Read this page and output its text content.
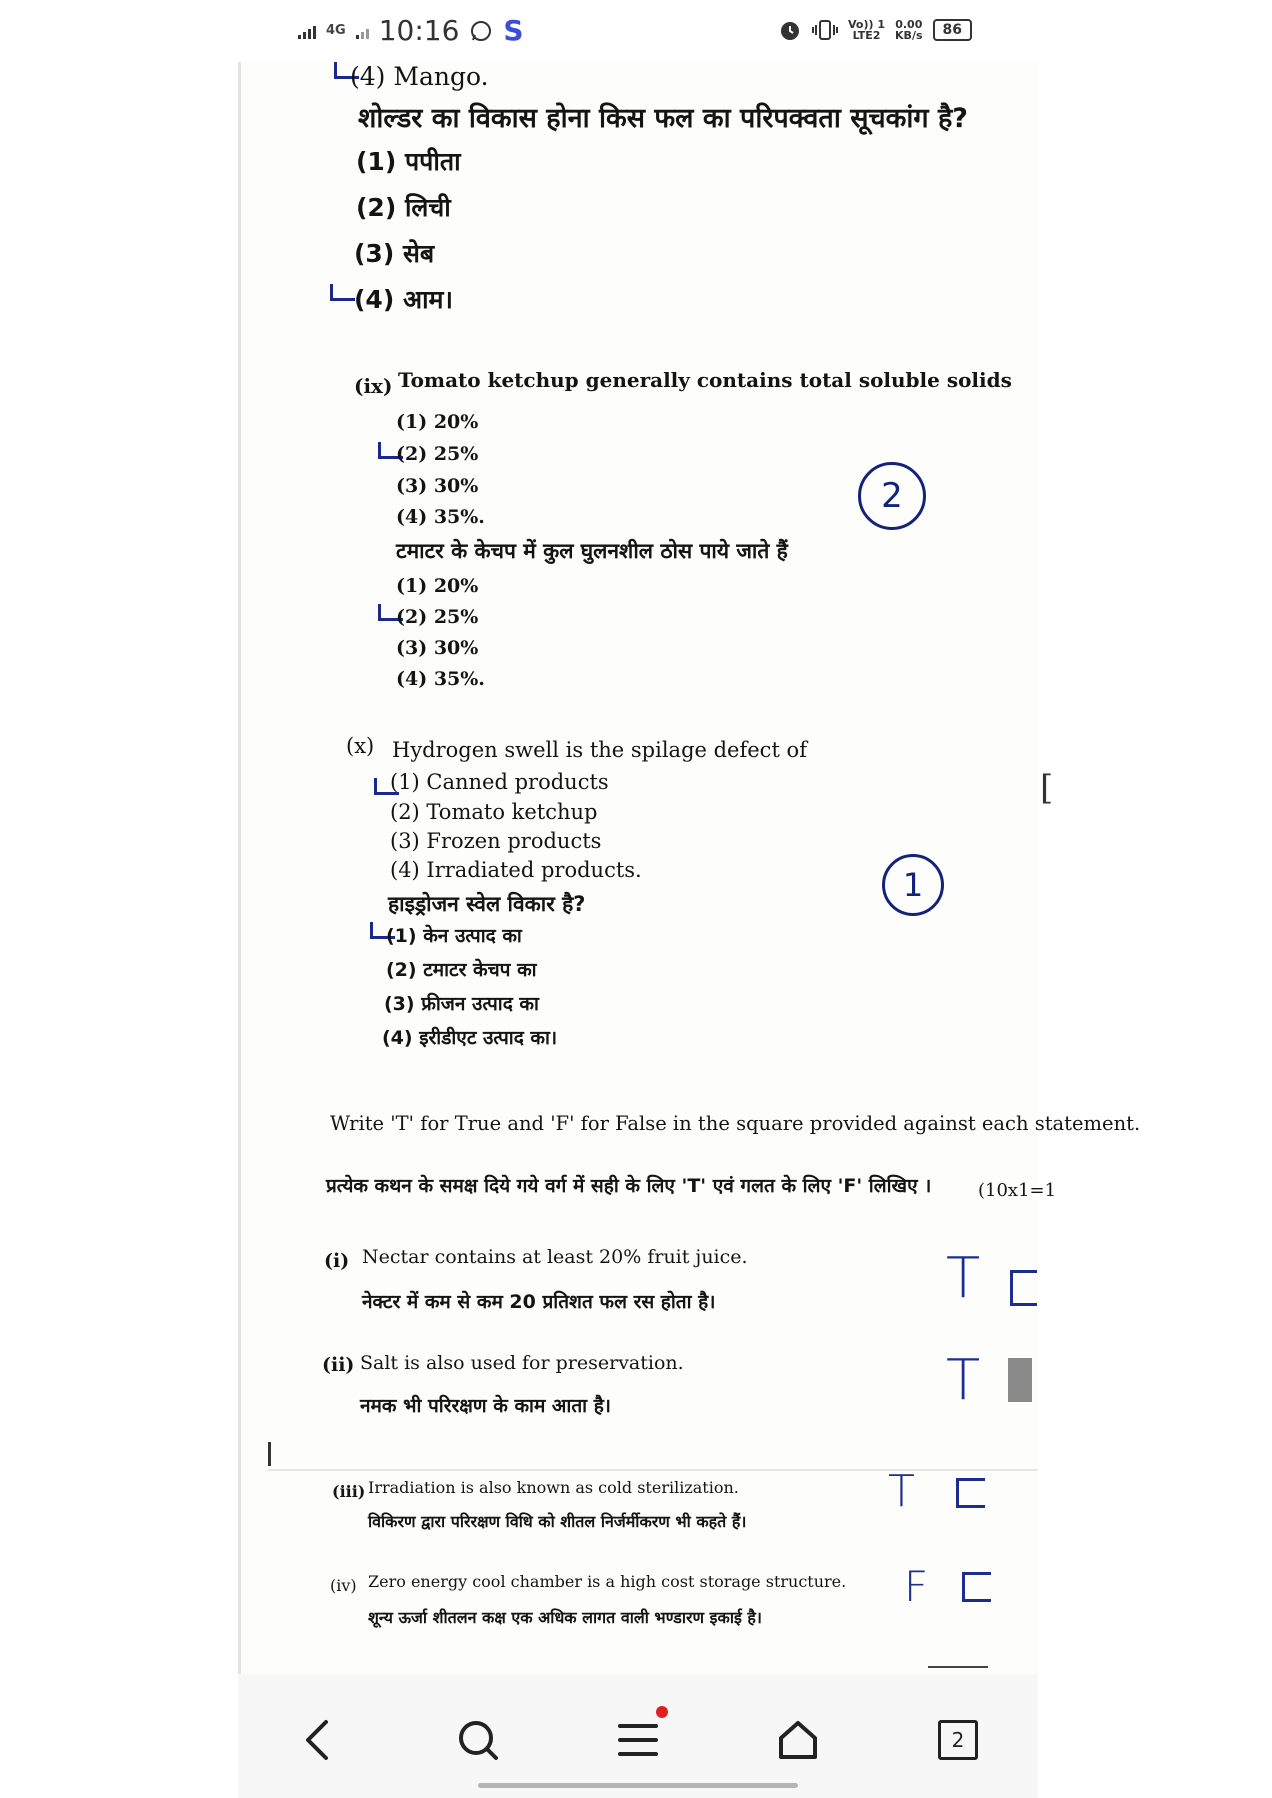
4G 10:16 S	Vo)) 1
LTE2
0.00
KB/s	86
(4) Mango.
शोल्डर का विकास होना किस फल का परिपक्वता सूचकांग है?
(1) पपीता
(2) लिची
(3) सेब
(4) आम।
(ix) Tomato ketchup generally contains total soluble solids
(1) 20%
(2) 25%
(3) 30%
(4) 35%.
2
टमाटर के केचप में कुल घुलनशील ठोस पाये जाते हैं
(1) 20%
(2) 25%
(3) 30%
(4) 35%.
(x) Hydrogen swell is the spilage defect of
(1) Canned products
(2) Tomato ketchup
(3) Frozen products
(4) Irradiated products.	1
[
हाइड्रोजन स्वेल विकार है?
(1) केन उत्पाद का
(2) टमाटर केचप का
(3) फ्रीजन उत्पाद का
(4) इरीडीएट उत्पाद का।
Write 'T' for True and 'F' for False in the square provided against each statement.
प्रत्येक कथन के समक्ष दिये गये वर्ग में सही के लिए 'T' एवं गलत के लिए 'F' लिखिए ।	(10x1=1
(i) Nectar contains at least 20% fruit juice.
नेक्टर में कम से कम 20 प्रतिशत फल रस होता है।	T
(ii) Salt is also used for preservation.
नमक भी परिरक्षण के काम आता है।	T
(iii) Irradiation is also known as cold sterilization.
विकिरण द्वारा परिरक्षण विधि को शीतल निर्जर्मीकरण भी कहते हैं।
T
(iv) Zero energy cool chamber is a high cost storage structure.
शून्य ऊर्जा शीतलन कक्ष एक अधिक लागत वाली भण्डारण इकाई है।
F
2
